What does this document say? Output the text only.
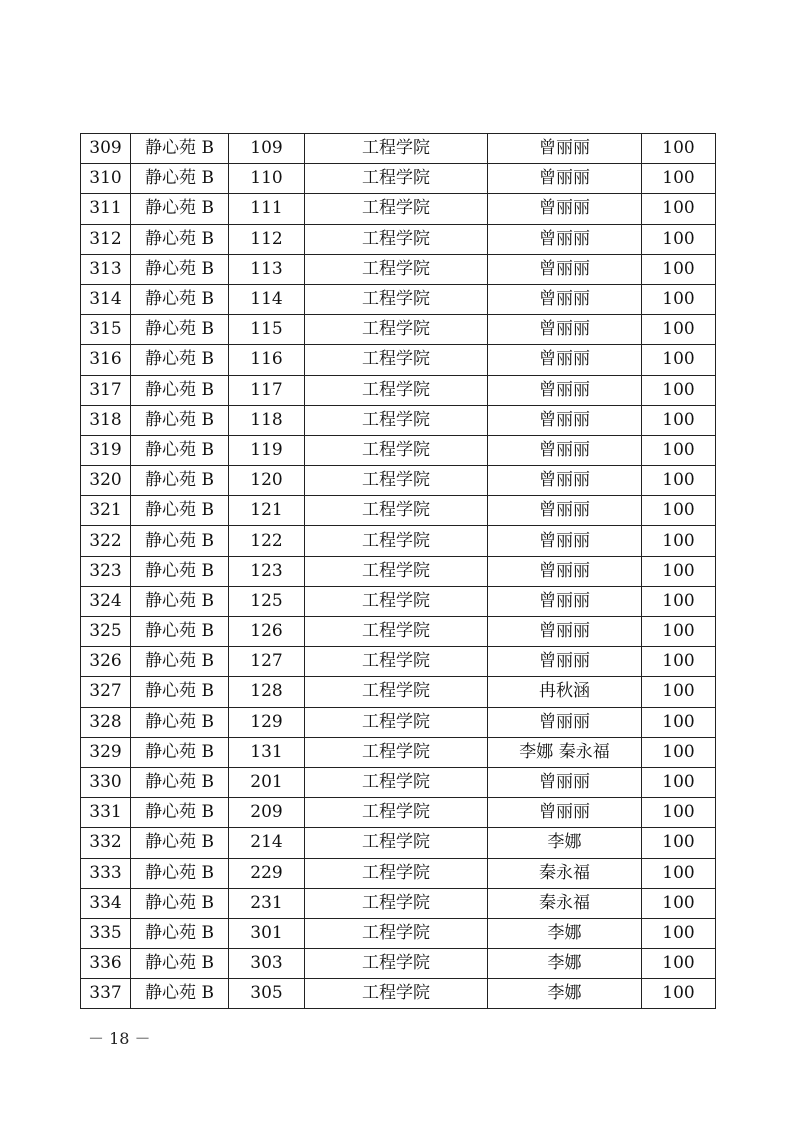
309	静心苑 B	109	工程学院	曾丽丽	100
310	静心苑 B	110	工程学院	曾丽丽	100
311	静心苑 B	111	工程学院	曾丽丽	100
312	静心苑 B	112	工程学院	曾丽丽	100
313	静心苑 B	113	工程学院	曾丽丽	100
314	静心苑 B	114	工程学院	曾丽丽	100
315	静心苑 B	115	工程学院	曾丽丽	100
316	静心苑 B	116	工程学院	曾丽丽	100
317	静心苑 B	117	工程学院	曾丽丽	100
318	静心苑 B	118	工程学院	曾丽丽	100
319	静心苑 B	119	工程学院	曾丽丽	100
320	静心苑 B	120	工程学院	曾丽丽	100
321	静心苑 B	121	工程学院	曾丽丽	100
322	静心苑 B	122	工程学院	曾丽丽	100
323	静心苑 B	123	工程学院	曾丽丽	100
324	静心苑 B	125	工程学院	曾丽丽	100
325	静心苑 B	126	工程学院	曾丽丽	100
326	静心苑 B	127	工程学院	曾丽丽	100
327	静心苑 B	128	工程学院	冉秋涵	100
328	静心苑 B	129	工程学院	曾丽丽	100
329	静心苑 B	131	工程学院	李娜 秦永福	100
330	静心苑 B	201	工程学院	曾丽丽	100
331	静心苑 B	209	工程学院	曾丽丽	100
332	静心苑 B	214	工程学院	李娜	100
333	静心苑 B	229	工程学院	秦永福	100
334	静心苑 B	231	工程学院	秦永福	100
335	静心苑 B	301	工程学院	李娜	100
336	静心苑 B	303	工程学院	李娜	100
337	静心苑 B	305	工程学院	李娜	100
－ 18 －
